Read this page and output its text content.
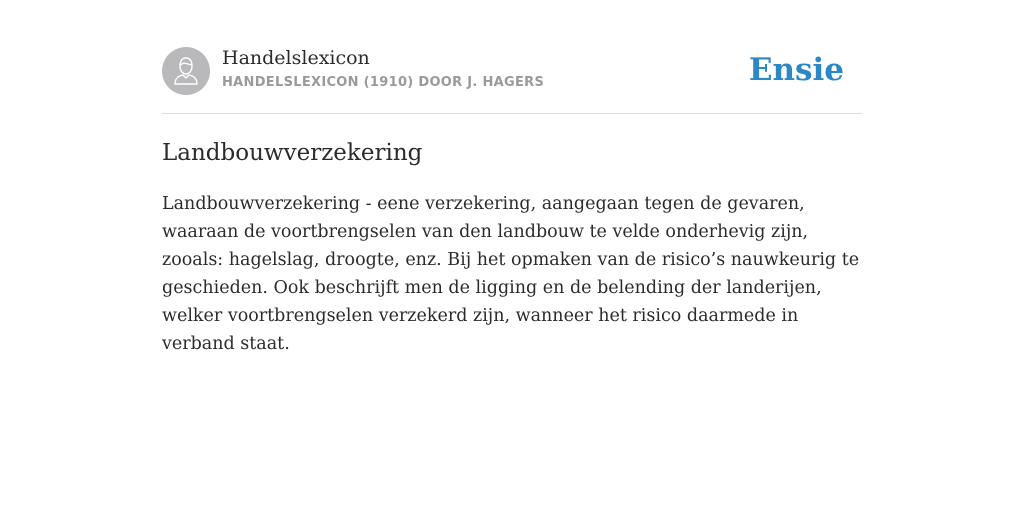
Handelslexicon
HANDELSLEXICON (1910) DOOR J. HAGERS	Ensie
Landbouwverzekering

Landbouwverzekering - eene verzekering, aangegaan tegen de gevaren, waaraan de voortbrengselen van den landbouw te velde onderhevig zijn, zooals: hagelslag, droogte, enz. Bij het opmaken van de risico’s nauwkeurig te geschieden. Ook beschrijft men de ligging en de belending der landerijen, welker voortbrengselen verzekerd zijn, wanneer het risico daarmede in verband staat.
